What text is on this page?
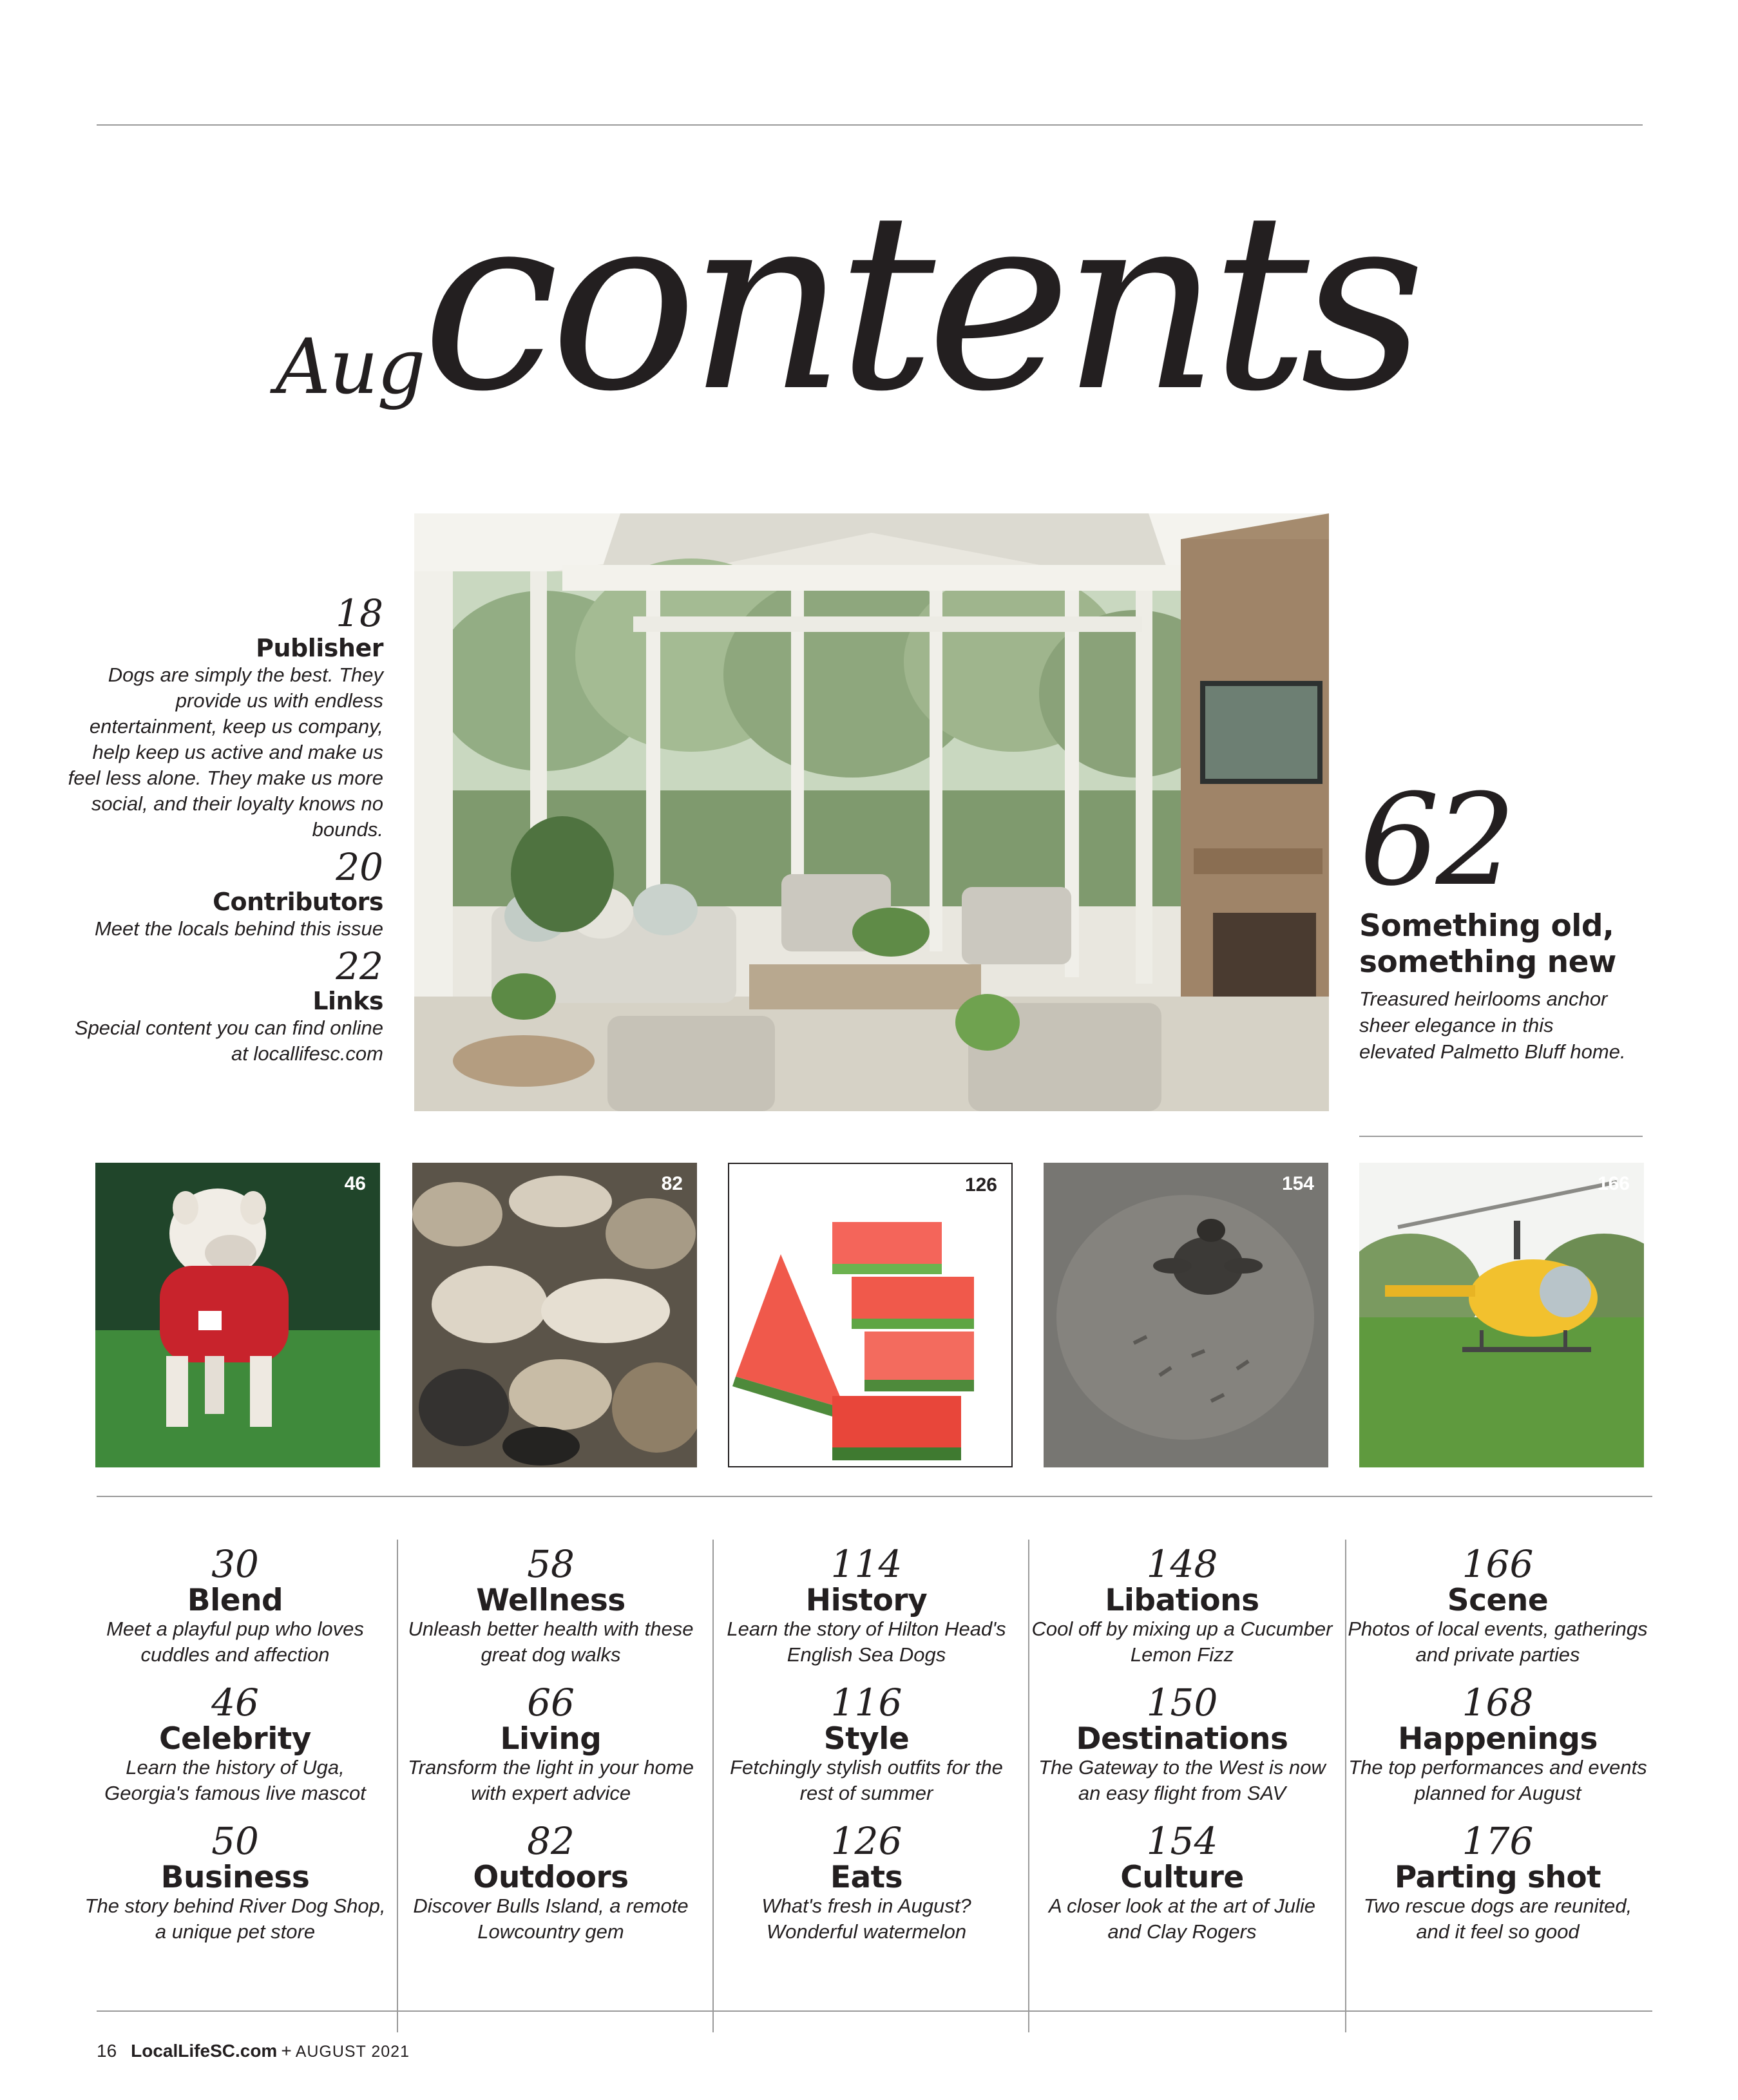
Aug
contents
18
Publisher
Dogs are simply the best. They provide us with endless entertainment, keep us company, help keep us active and make us feel less alone. They make us more social, and their loyalty knows no bounds.
20
Contributors
Meet the locals behind this issue
22
Links
Special content you can find online at locallifesc.com
62
Something old, something new
Treasured heirlooms anchor sheer elegance in this elevated Palmetto Bluff home.
46	82	126	154	166
30
Blend
Meet a playful pup who loves cuddles and affection
46
Celebrity
Learn the history of Uga, Georgia's famous live mascot
50
Business
The story behind River Dog Shop, a unique pet store
58
Wellness
Unleash better health with these great dog walks
66
Living
Transform the light in your home with expert advice
82
Outdoors
Discover Bulls Island, a remote Lowcountry gem
114
History
Learn the story of Hilton Head's English Sea Dogs
116
Style
Fetchingly stylish outfits for the rest of summer
126
Eats
What's fresh in August? Wonderful watermelon
148
Libations
Cool off by mixing up a Cucumber Lemon Fizz
150
Destinations
The Gateway to the West is now an easy flight from SAV
154
Culture
A closer look at the art of Julie and Clay Rogers
166
Scene
Photos of local events, gatherings and private parties
168
Happenings
The top performances and events planned for August
176
Parting shot
Two rescue dogs are reunited, and it feel so good
16 LocalLifeSC.com + AUGUST 2021
